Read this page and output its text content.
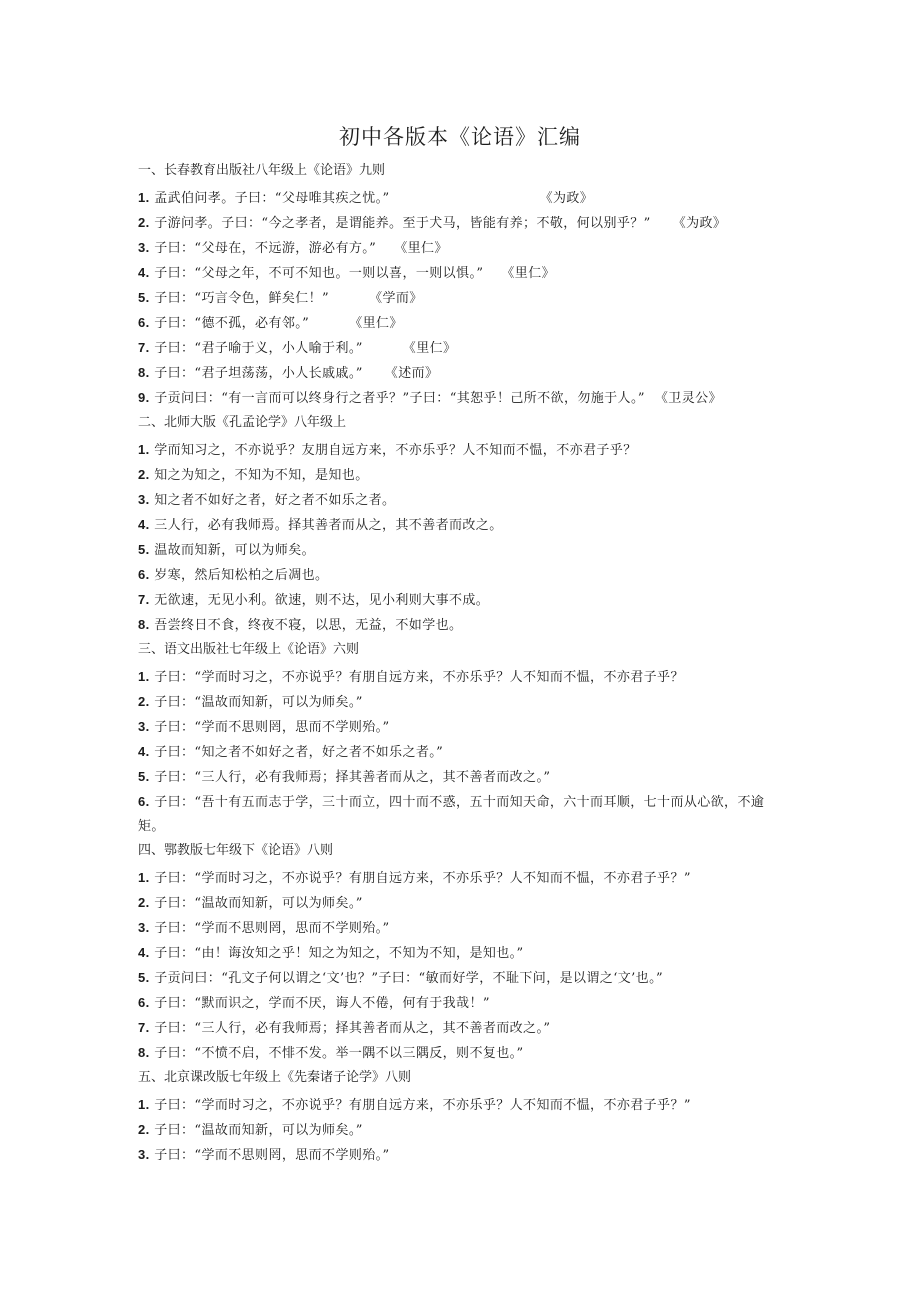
初中各版本《论语》汇编

一、长春教育出版社八年级上《论语》九则

1. 孟武伯问孝。子曰：“父母唯其疾之忧。”	《为政》

2. 子游问孝。子曰：“今之孝者，是谓能养。至于犬马，皆能有养；不敬，何以别乎？” 《为政》

3. 子曰：“父母在，不远游，游必有方。” 《里仁》

4. 子曰：“父母之年，不可不知也。一则以喜，一则以惧。” 《里仁》

5. 子曰：“巧言令色，鲜矣仁！”	《学而》

6. 子曰：“德不孤，必有邻。”	《里仁》

7. 子曰：“君子喻于义，小人喻于利。”	《里仁》

8. 子曰：“君子坦荡荡，小人长戚戚。” 《述而》

9. 子贡问曰：“有一言而可以终身行之者乎？”子曰：“其恕乎！己所不欲，勿施于人。” 《卫灵公》

二、北师大版《孔孟论学》八年级上

1. 学而知习之，不亦说乎？友朋自远方来，不亦乐乎？人不知而不愠，不亦君子乎？

2. 知之为知之，不知为不知，是知也。

3. 知之者不如好之者，好之者不如乐之者。

4. 三人行，必有我师焉。择其善者而从之，其不善者而改之。

5. 温故而知新，可以为师矣。

6. 岁寒，然后知松柏之后凋也。

7. 无欲速，无见小利。欲速，则不达，见小利则大事不成。

8. 吾尝终日不食，终夜不寝，以思，无益，不如学也。

三、语文出版社七年级上《论语》六则

1. 子曰：“学而时习之，不亦说乎？有朋自远方来，不亦乐乎？人不知而不愠，不亦君子乎？

2. 子曰：“温故而知新，可以为师矣。”

3. 子曰：“学而不思则罔，思而不学则殆。”

4. 子曰：“知之者不如好之者，好之者不如乐之者。”

5. 子曰：“三人行，必有我师焉；择其善者而从之，其不善者而改之。”

6. 子曰：“吾十有五而志于学，三十而立，四十而不惑，五十而知天命，六十而耳顺，七十而从心欲，不逾矩。

四、鄂教版七年级下《论语》八则

1. 子曰：“学而时习之，不亦说乎？有朋自远方来，不亦乐乎？人不知而不愠，不亦君子乎？”

2. 子曰：“温故而知新，可以为师矣。”

3. 子曰：“学而不思则罔，思而不学则殆。”

4. 子曰：“由！诲汝知之乎！知之为知之，不知为不知，是知也。”

5. 子贡问曰：“孔文子何以谓之‘文’也？”子曰：“敏而好学，不耻下问，是以谓之‘文’也。”

6. 子曰：“默而识之，学而不厌，诲人不倦，何有于我哉！”

7. 子曰：“三人行，必有我师焉；择其善者而从之，其不善者而改之。”

8. 子曰：“不愤不启，不悱不发。举一隅不以三隅反，则不复也。”

五、北京课改版七年级上《先秦诸子论学》八则

1. 子曰：“学而时习之，不亦说乎？有朋自远方来，不亦乐乎？人不知而不愠，不亦君子乎？”

2. 子曰：“温故而知新，可以为师矣。”

3. 子曰：“学而不思则罔，思而不学则殆。”
